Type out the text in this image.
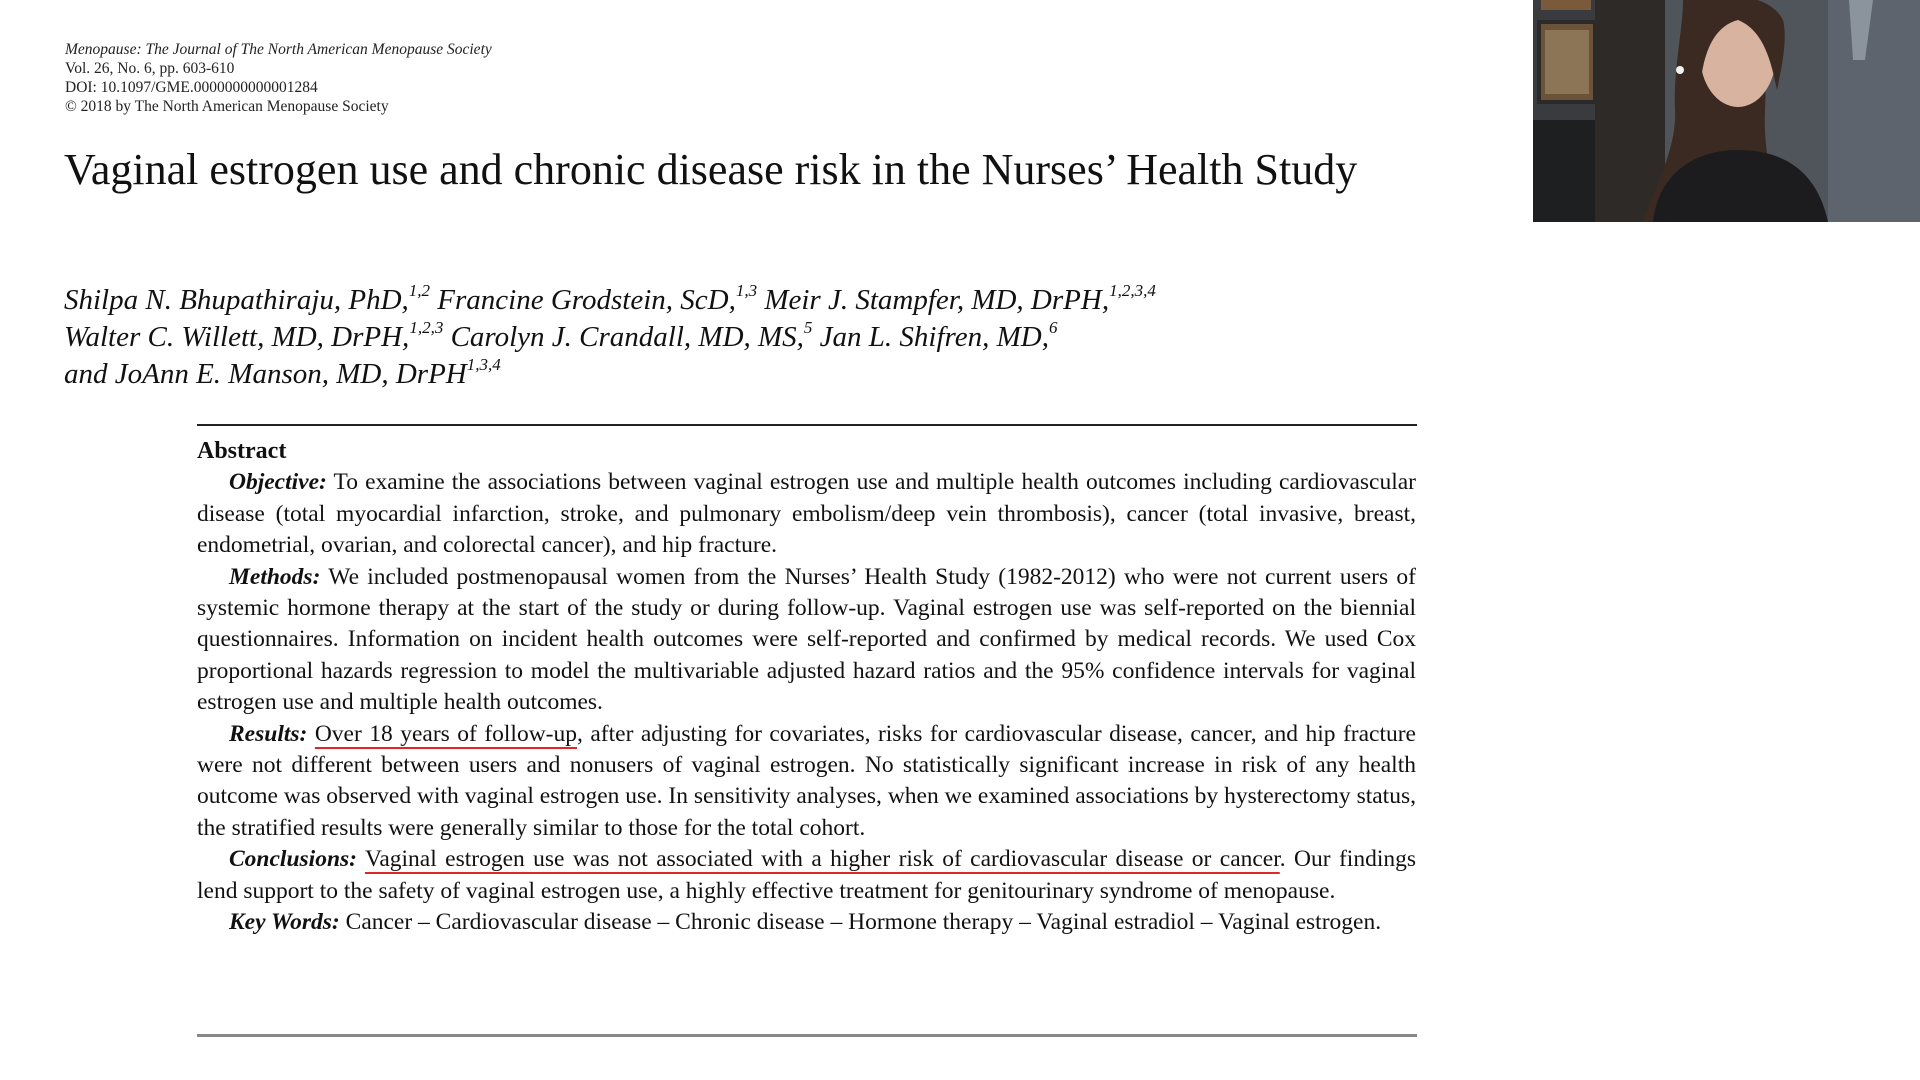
Menopause: The Journal of The North American Menopause Society
Vol. 26, No. 6, pp. 603-610
DOI: 10.1097/GME.0000000000001284
© 2018 by The North American Menopause Society
Vaginal estrogen use and chronic disease risk in the Nurses’ Health Study
Shilpa N. Bhupathiraju, PhD,$^{1,2}$ Francine Grodstein, ScD,$^{1,3}$ Meir J. Stampfer, MD, DrPH,$^{1,2,3,4}$
Walter C. Willett, MD, DrPH,$^{1,2,3}$ Carolyn J. Crandall, MD, MS,$^5$ Jan L. Shifren, MD,$^6$
and JoAnn E. Manson, MD, DrPH$^{1,3,4}$
Abstract

Objective: To examine the associations between vaginal estrogen use and multiple health outcomes including cardiovascular disease (total myocardial infarction, stroke, and pulmonary embolism/deep vein thrombosis), cancer (total invasive, breast, endometrial, ovarian, and colorectal cancer), and hip fracture.

Methods: We included postmenopausal women from the Nurses’ Health Study (1982-2012) who were not current users of systemic hormone therapy at the start of the study or during follow-up. Vaginal estrogen use was self-reported on the biennial questionnaires. Information on incident health outcomes were self-reported and confirmed by medical records. We used Cox proportional hazards regression to model the multivariable adjusted hazard ratios and the 95% confidence intervals for vaginal estrogen use and multiple health outcomes.

Results: Over 18 years of follow-up, after adjusting for covariates, risks for cardiovascular disease, cancer, and hip fracture were not different between users and nonusers of vaginal estrogen. No statistically significant increase in risk of any health outcome was observed with vaginal estrogen use. In sensitivity analyses, when we examined associations by hysterectomy status, the stratified results were generally similar to those for the total cohort.

Conclusions: Vaginal estrogen use was not associated with a higher risk of cardiovascular disease or cancer. Our findings lend support to the safety of vaginal estrogen use, a highly effective treatment for genitourinary syndrome of menopause.

Key Words: Cancer – Cardiovascular disease – Chronic disease – Hormone therapy – Vaginal estradiol – Vaginal estrogen.
